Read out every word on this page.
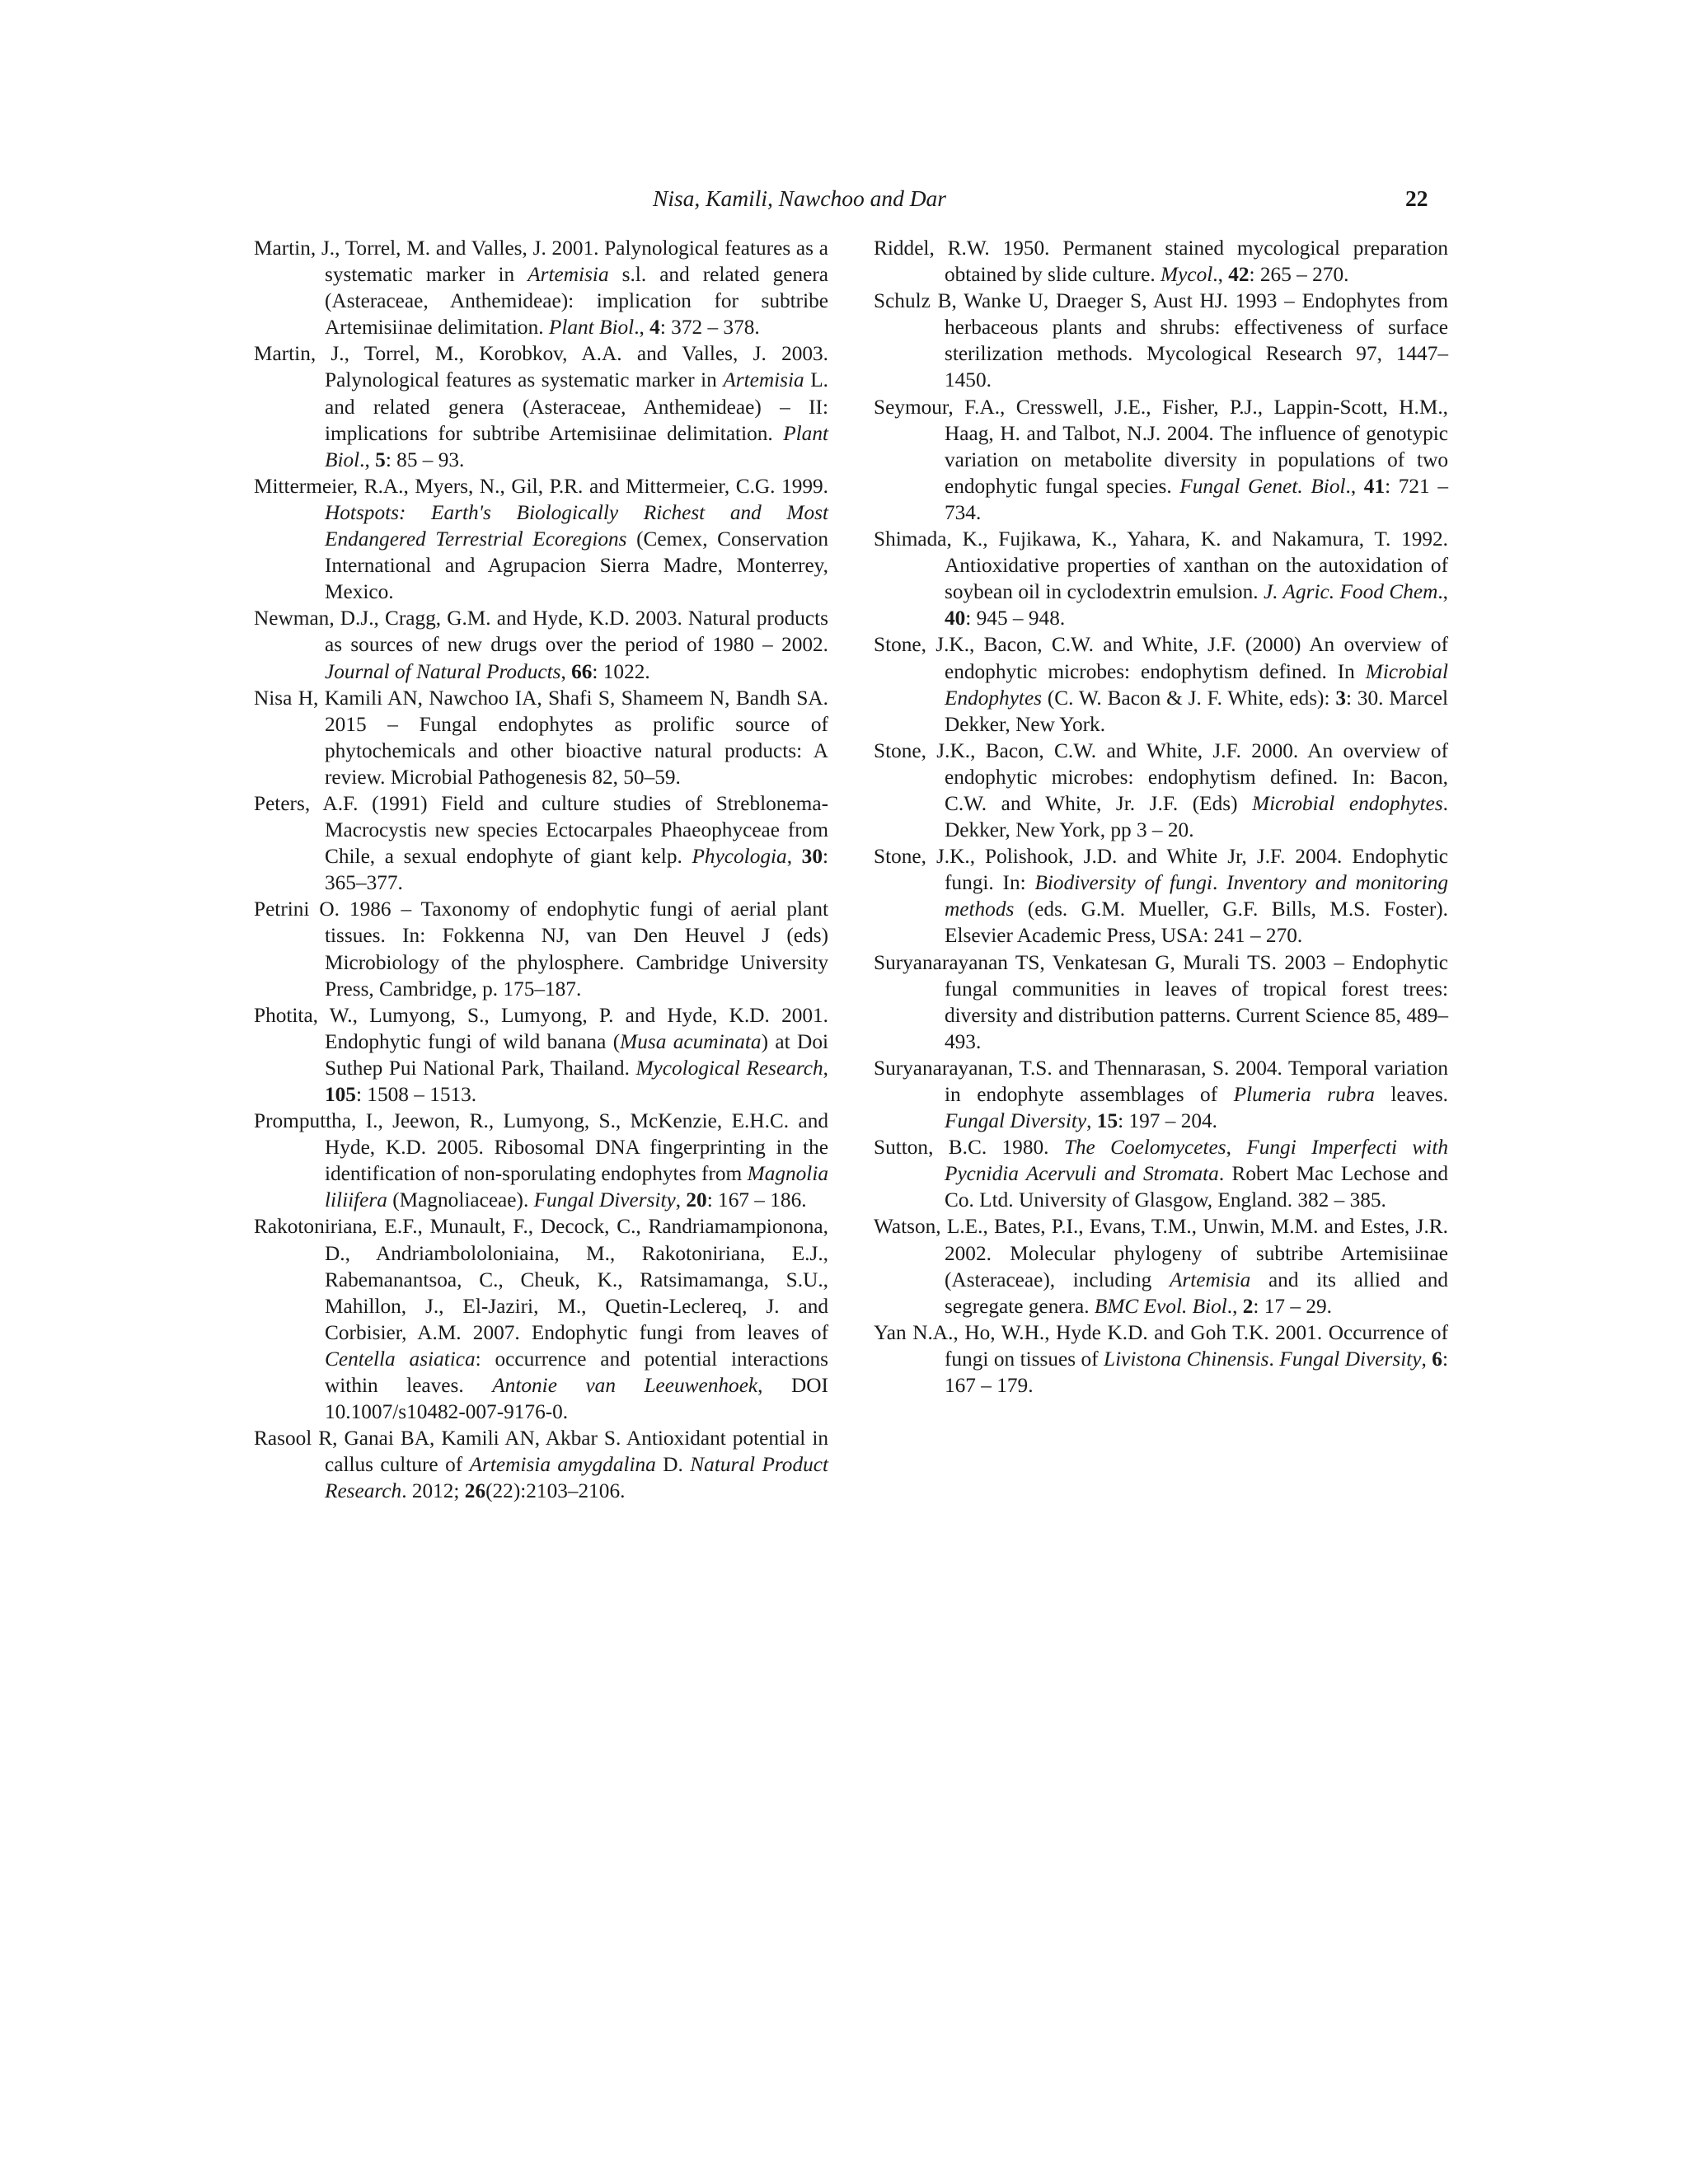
Nisa, Kamili, Nawchoo and Dar	22

Martin, J., Torrel, M. and Valles, J. 2001. Palynological features as a systematic marker in Artemisia s.l. and related genera (Asteraceae, Anthemideae): implication for subtribe Artemisiinae delimitation. Plant Biol., 4: 372 – 378.

Martin, J., Torrel, M., Korobkov, A.A. and Valles, J. 2003. Palynological features as systematic marker in Artemisia L. and related genera (Asteraceae, Anthemideae) – II: implications for subtribe Artemisiinae delimitation. Plant Biol., 5: 85 – 93.

Mittermeier, R.A., Myers, N., Gil, P.R. and Mittermeier, C.G. 1999. Hotspots: Earth's Biologically Richest and Most Endangered Terrestrial Ecoregions (Cemex, Conservation International and Agrupacion Sierra Madre, Monterrey, Mexico.

Newman, D.J., Cragg, G.M. and Hyde, K.D. 2003. Natural products as sources of new drugs over the period of 1980 – 2002. Journal of Natural Products, 66: 1022.

Nisa H, Kamili AN, Nawchoo IA, Shafi S, Shameem N, Bandh SA. 2015 – Fungal endophytes as prolific source of phytochemicals and other bioactive natural products: A review. Microbial Pathogenesis 82, 50–59.

Peters, A.F. (1991) Field and culture studies of Streblonema-Macrocystis new species Ectocarpales Phaeophyceae from Chile, a sexual endophyte of giant kelp. Phycologia, 30: 365–377.

Petrini O. 1986 – Taxonomy of endophytic fungi of aerial plant tissues. In: Fokkenna NJ, van Den Heuvel J (eds) Microbiology of the phylosphere. Cambridge University Press, Cambridge, p. 175–187.

Photita, W., Lumyong, S., Lumyong, P. and Hyde, K.D. 2001. Endophytic fungi of wild banana (Musa acuminata) at Doi Suthep Pui National Park, Thailand. Mycological Research, 105: 1508 – 1513.

Promputtha, I., Jeewon, R., Lumyong, S., McKenzie, E.H.C. and Hyde, K.D. 2005. Ribosomal DNA fingerprinting in the identification of non-sporulating endophytes from Magnolia liliifera (Magnoliaceae). Fungal Diversity, 20: 167 – 186.

Rakotoniriana, E.F., Munault, F., Decock, C., Randriamampionona, D., Andriambololoniaina, M., Rakotoniriana, E.J., Rabemanantsoa, C., Cheuk, K., Ratsimamanga, S.U., Mahillon, J., El-Jaziri, M., Quetin-Leclereq, J. and Corbisier, A.M. 2007. Endophytic fungi from leaves of Centella asiatica: occurrence and potential interactions within leaves. Antonie van Leeuwenhoek, DOI 10.1007/s10482-007-9176-0.

Rasool R, Ganai BA, Kamili AN, Akbar S. Antioxidant potential in callus culture of Artemisia amygdalina D. Natural Product Research. 2012; 26(22):2103–2106.

Riddel, R.W. 1950. Permanent stained mycological preparation obtained by slide culture. Mycol., 42: 265 – 270.

Schulz B, Wanke U, Draeger S, Aust HJ. 1993 – Endophytes from herbaceous plants and shrubs: effectiveness of surface sterilization methods. Mycological Research 97, 1447–1450.

Seymour, F.A., Cresswell, J.E., Fisher, P.J., Lappin-Scott, H.M., Haag, H. and Talbot, N.J. 2004. The influence of genotypic variation on metabolite diversity in populations of two endophytic fungal species. Fungal Genet. Biol., 41: 721 – 734.

Shimada, K., Fujikawa, K., Yahara, K. and Nakamura, T. 1992. Antioxidative properties of xanthan on the autoxidation of soybean oil in cyclodextrin emulsion. J. Agric. Food Chem., 40: 945 – 948.

Stone, J.K., Bacon, C.W. and White, J.F. (2000) An overview of endophytic microbes: endophytism defined. In Microbial Endophytes (C. W. Bacon & J. F. White, eds): 3: 30. Marcel Dekker, New York.

Stone, J.K., Bacon, C.W. and White, J.F. 2000. An overview of endophytic microbes: endophytism defined. In: Bacon, C.W. and White, Jr. J.F. (Eds) Microbial endophytes. Dekker, New York, pp 3 – 20.

Stone, J.K., Polishook, J.D. and White Jr, J.F. 2004. Endophytic fungi. In: Biodiversity of fungi. Inventory and monitoring methods (eds. G.M. Mueller, G.F. Bills, M.S. Foster). Elsevier Academic Press, USA: 241 – 270.

Suryanarayanan TS, Venkatesan G, Murali TS. 2003 – Endophytic fungal communities in leaves of tropical forest trees: diversity and distribution patterns. Current Science 85, 489–493.

Suryanarayanan, T.S. and Thennarasan, S. 2004. Temporal variation in endophyte assemblages of Plumeria rubra leaves. Fungal Diversity, 15: 197 – 204.

Sutton, B.C. 1980. The Coelomycetes, Fungi Imperfecti with Pycnidia Acervuli and Stromata. Robert Mac Lechose and Co. Ltd. University of Glasgow, England. 382 – 385.

Watson, L.E., Bates, P.I., Evans, T.M., Unwin, M.M. and Estes, J.R. 2002. Molecular phylogeny of subtribe Artemisiinae (Asteraceae), including Artemisia and its allied and segregate genera. BMC Evol. Biol., 2: 17 – 29.

Yan N.A., Ho, W.H., Hyde K.D. and Goh T.K. 2001. Occurrence of fungi on tissues of Livistona Chinensis. Fungal Diversity, 6: 167 – 179.
